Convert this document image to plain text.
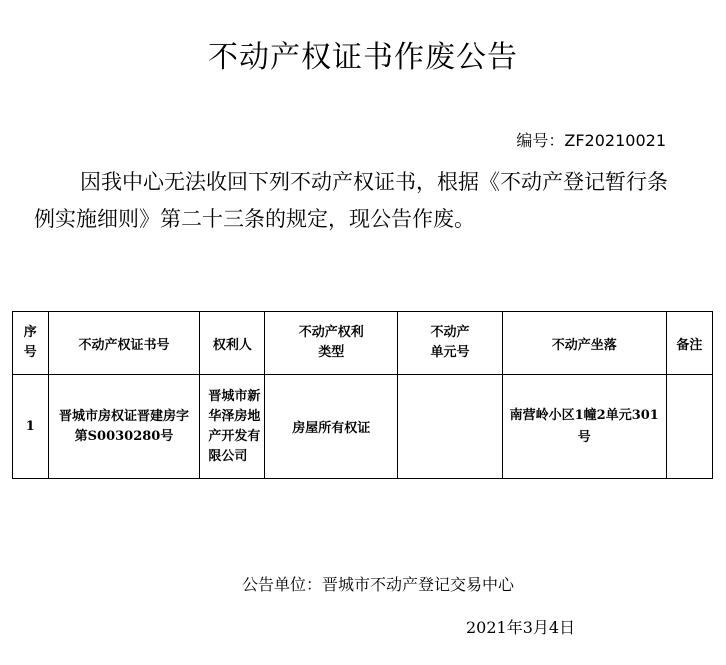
不动产权证书作废公告
编号：ZF20210021
因我中心无法收回下列不动产权证书，根据《不动产登记暂行条例实施细则》第二十三条的规定，现公告作废。
序号	不动产权证书号	权利人	不动产权利类型	不动产单元号	不动产坐落	备注
1	晋城市房权证晋建房字第S0030280号	晋城市新华泽房地产开发有限公司	房屋所有权证		南营岭小区1幢2单元301号	
公告单位：晋城市不动产登记交易中心
2021年3月4日
